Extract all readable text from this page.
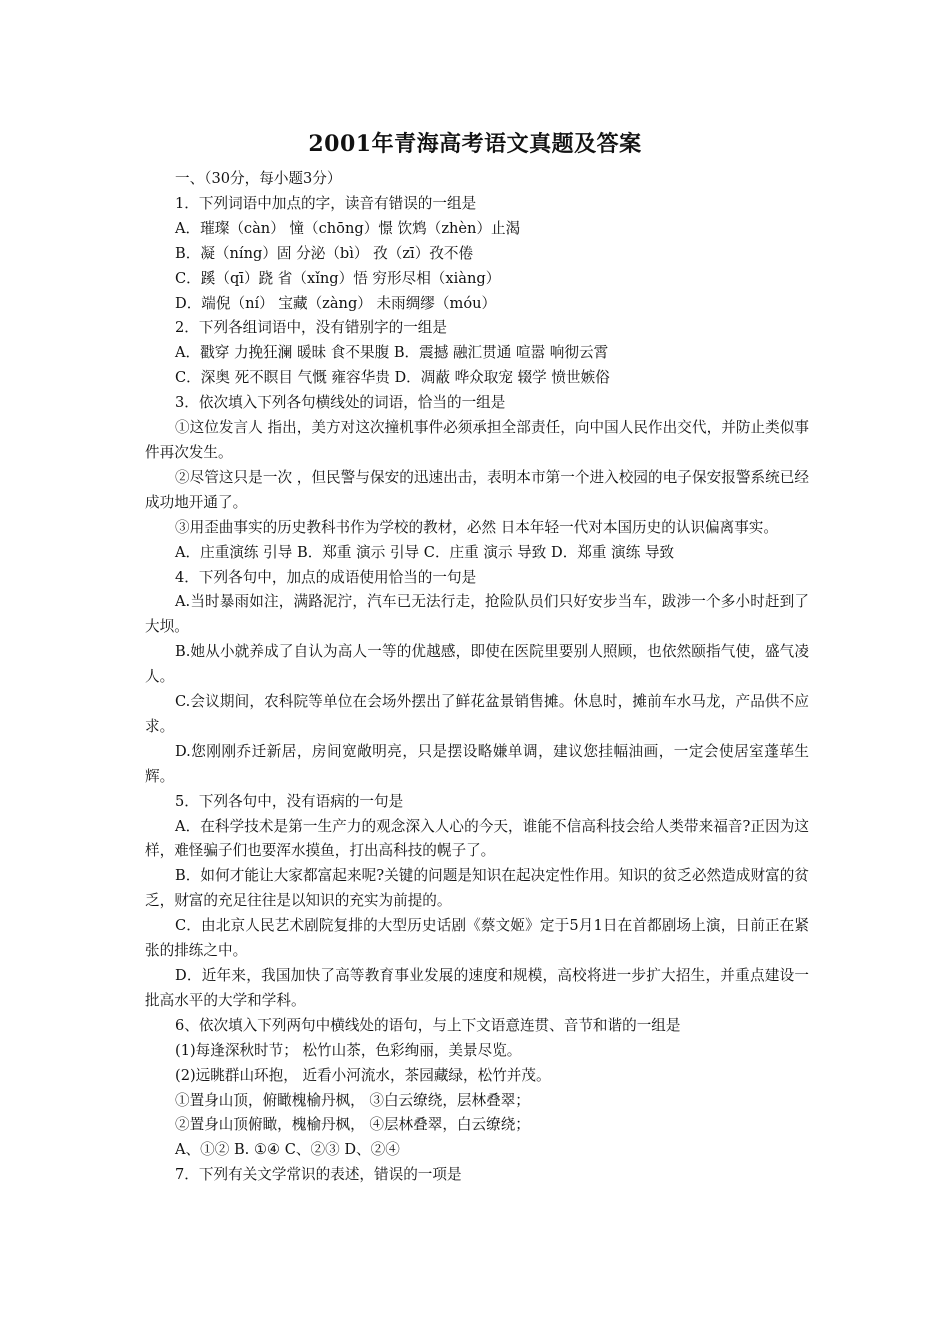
2001年青海高考语文真题及答案

一、（30分，每小题3分）

1．下列词语中加点的字，读音有错误的一组是

A．璀璨（càn） 憧（chōng）憬 饮鸩（zhèn）止渴

B．凝（níng）固 分泌（bì） 孜（zī）孜不倦

C．蹊（qī）跷 省（xǐng）悟 穷形尽相（xiàng）

D．端倪（ní） 宝藏（zàng） 未雨绸缪（móu）

2．下列各组词语中，没有错别字的一组是

A．戳穿 力挽狂澜 暖昧 食不果腹 B．震撼 融汇贯通 喧嚣 响彻云霄

C．深奥 死不瞑目 气慨 雍容华贵 D．凋蔽 哗众取宠 辍学 愤世嫉俗

3．依次填入下列各句横线处的词语，恰当的一组是

①这位发言人 指出，美方对这次撞机事件必须承担全部责任，向中国人民作出交代，并防止类似事件再次发生。

②尽管这只是一次 ，但民警与保安的迅速出击，表明本市第一个进入校园的电子保安报警系统已经成功地开通了。

③用歪曲事实的历史教科书作为学校的教材，必然 日本年轻一代对本国历史的认识偏离事实。

A．庄重演练 引导 B．郑重 演示 引导 C．庄重 演示 导致 D．郑重 演练 导致

4．下列各句中，加点的成语使用恰当的一句是

A.当时暴雨如注，满路泥泞，汽车已无法行走，抢险队员们只好安步当车，跋涉一个多小时赶到了大坝。

B.她从小就养成了自认为高人一等的优越感，即使在医院里要别人照顾，也依然颐指气使，盛气凌人。

C.会议期间，农科院等单位在会场外摆出了鲜花盆景销售摊。休息时，摊前车水马龙，产品供不应求。

D.您刚刚乔迁新居，房间宽敞明亮，只是摆设略嫌单调，建议您挂幅油画，一定会使居室蓬荜生辉。

5．下列各句中，没有语病的一句是

A．在科学技术是第一生产力的观念深入人心的今天，谁能不信高科技会给人类带来福音?正因为这样，难怪骗子们也要浑水摸鱼，打出高科技的幌子了。

B．如何才能让大家都富起来呢?关键的问题是知识在起决定性作用。知识的贫乏必然造成财富的贫乏，财富的充足往往是以知识的充实为前提的。

C．由北京人民艺术剧院复排的大型历史话剧《蔡文姬》定于5月1日在首都剧场上演，日前正在紧张的排练之中。

D．近年来，我国加快了高等教育事业发展的速度和规模，高校将进一步扩大招生，并重点建设一批高水平的大学和学科。

6、依次填入下列两句中横线处的语句，与上下文语意连贯、音节和谐的一组是

(1)每逢深秋时节； 松竹山茶，色彩绚丽，美景尽览。

(2)远眺群山环抱， 近看小河流水，茶园藏绿，松竹并茂。

①置身山顶，俯瞰槐榆丹枫， ③白云缭绕，层林叠翠；

②置身山顶俯瞰，槐榆丹枫， ④层林叠翠，白云缭绕；

A、①② B. ①④ C、②③ D、②④

7．下列有关文学常识的表述，错误的一项是
